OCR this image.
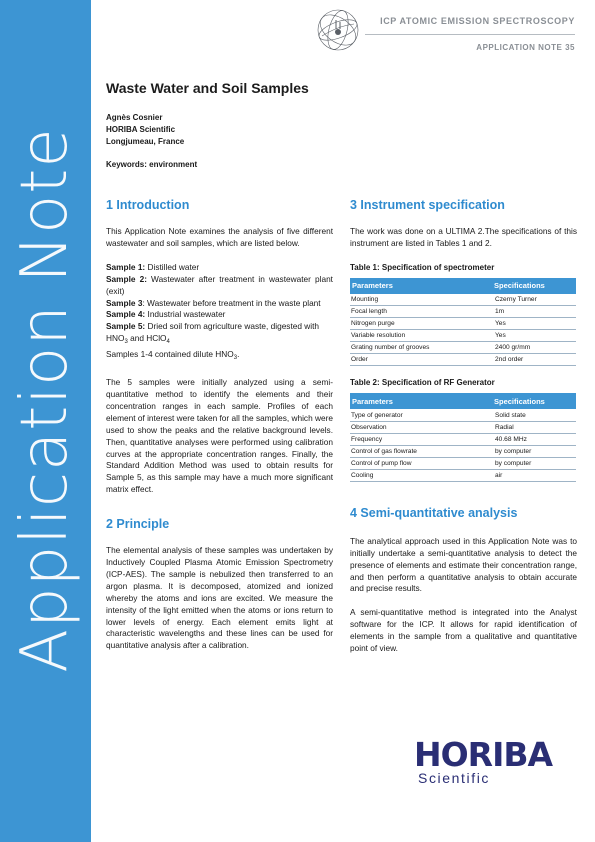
Application Note
ICP ATOMIC EMISSION SPECTROSCOPY
APPLICATION NOTE 35
Waste Water and Soil Samples
Agnès Cosnier
HORIBA Scientific
Longjumeau, France
Keywords: environment
1 Introduction

This Application Note examines the analysis of five different wastewater and soil samples, which are listed below.

Sample 1: Distilled water
Sample 2: Wastewater after treatment in wastewater plant (exit)
Sample 3: Wastewater before treatment in the waste plant
Sample 4: Industrial wastewater
Sample 5: Dried soil from agriculture waste, digested with $HNO_3$ and HClO$_4$
Samples 1-4 contained dilute $HNO_3$.

The 5 samples were initially analyzed using a semi-quantitative method to identify the elements and their concentration ranges in each sample. Profiles of each element of interest were taken for all the samples, which were used to show the peaks and the relative background levels. Then, quantitative analyses were performed using calibration curves at the appropriate concentration ranges. Finally, the Standard Addition Method was used to obtain results for Sample 5, as this sample may have a much more significant matrix effect.

2 Principle

The elemental analysis of these samples was undertaken by Inductively Coupled Plasma Atomic Emission Spectrometry (ICP-AES). The sample is nebulized then transferred to an argon plasma. It is decomposed, atomized and ionized whereby the atoms and ions are excited. We measure the intensity of the light emitted when the atoms or ions return to lower levels of energy. Each element emits light at characteristic wavelengths and these lines can be used for quantitative analysis after a calibration.

3 Instrument specification

The work was done on a ULTIMA 2.The specifications of this instrument are listed in Tables 1 and 2.

Table 1: Specification of spectrometer
Parameters	Specifications
Mounting	Czerny Turner
Focal length	1m
Nitrogen purge	Yes
Variable resolution	Yes
Grating number of grooves	2400 gr/mm
Order	2nd order
Table 2: Specification of RF Generator
Parameters	Specifications
Type of generator	Solid state
Observation	Radial
Frequency	40.68 MHz
Control of gas flowrate	by computer
Control of pump flow	by computer
Cooling	air
4 Semi-quantitative analysis

The analytical approach used in this Application Note was to initially undertake a semi-quantitative analysis to detect the presence of elements and estimate their concentration range, and then perform a quantitative analysis to obtain accurate and precise results.

A semi-quantitative method is integrated into the Analyst software for the ICP. It allows for rapid identification of elements in the sample from a qualitative and quantitative point of view.

HORIBA
Scientific
